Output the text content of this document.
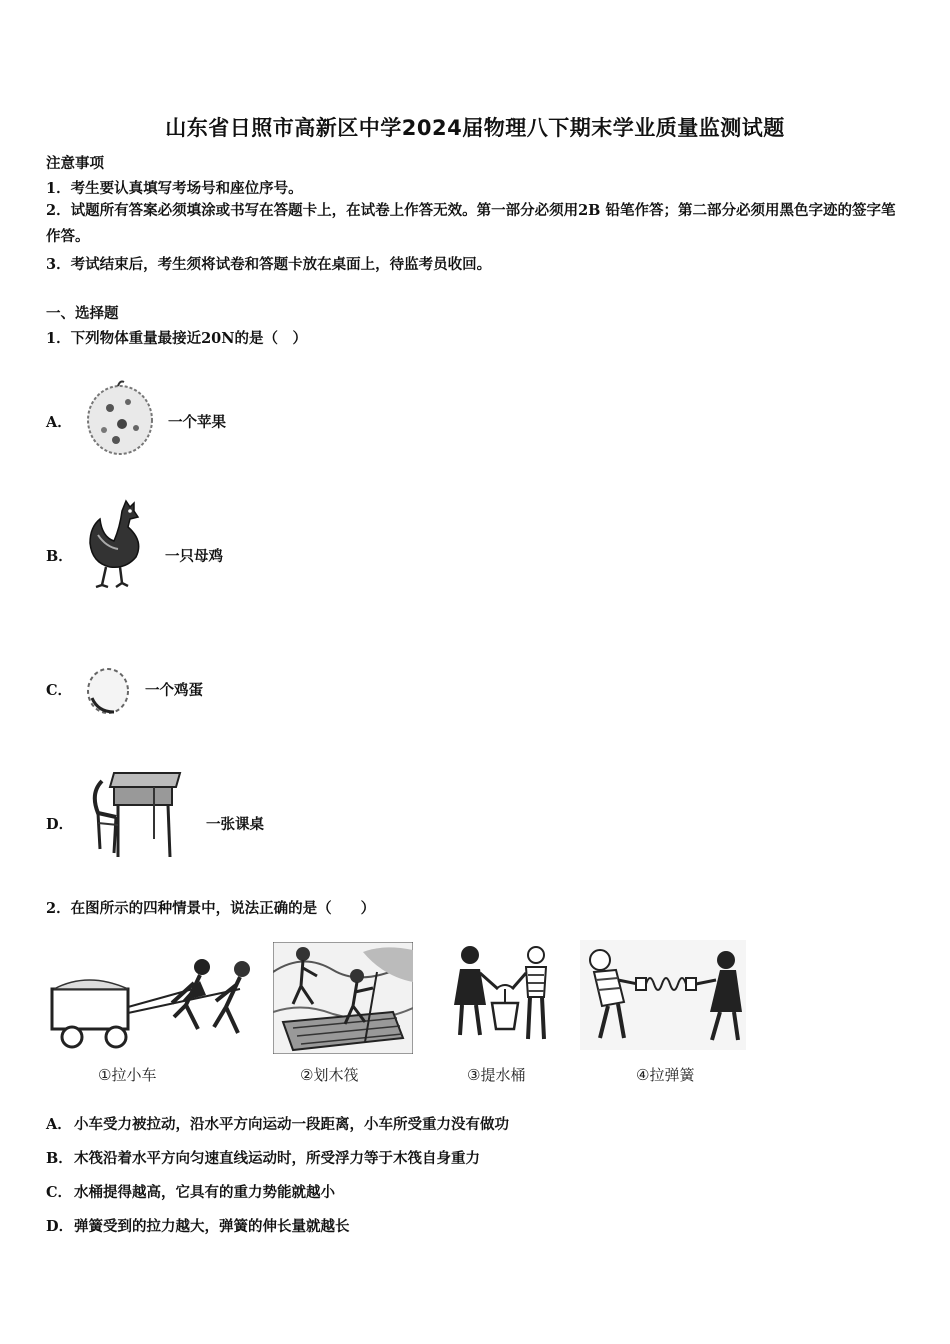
山东省日照市高新区中学2024届物理八下期末学业质量监测试题
注意事项
1．考生要认真填写考场号和座位序号。
2．试题所有答案必须填涂或书写在答题卡上，在试卷上作答无效。第一部分必须用2B 铅笔作答；第二部分必须用黑色字迹的签字笔作答。
3．考试结束后，考生须将试卷和答题卡放在桌面上，待监考员收回。
一、选择题
1．下列物体重量最接近20N的是（　）
A．	一个苹果
B．	一只母鸡
C．	一个鸡蛋
D．	一张课桌
2．在图所示的四种情景中，说法正确的是（　　）
①拉小车	②划木筏	③提水桶	④拉弹簧
A． 小车受力被拉动，沿水平方向运动一段距离，小车所受重力没有做功
B． 木筏沿着水平方向匀速直线运动时，所受浮力等于木筏自身重力
C． 水桶提得越高，它具有的重力势能就越小
D． 弹簧受到的拉力越大，弹簧的伸长量就越长
